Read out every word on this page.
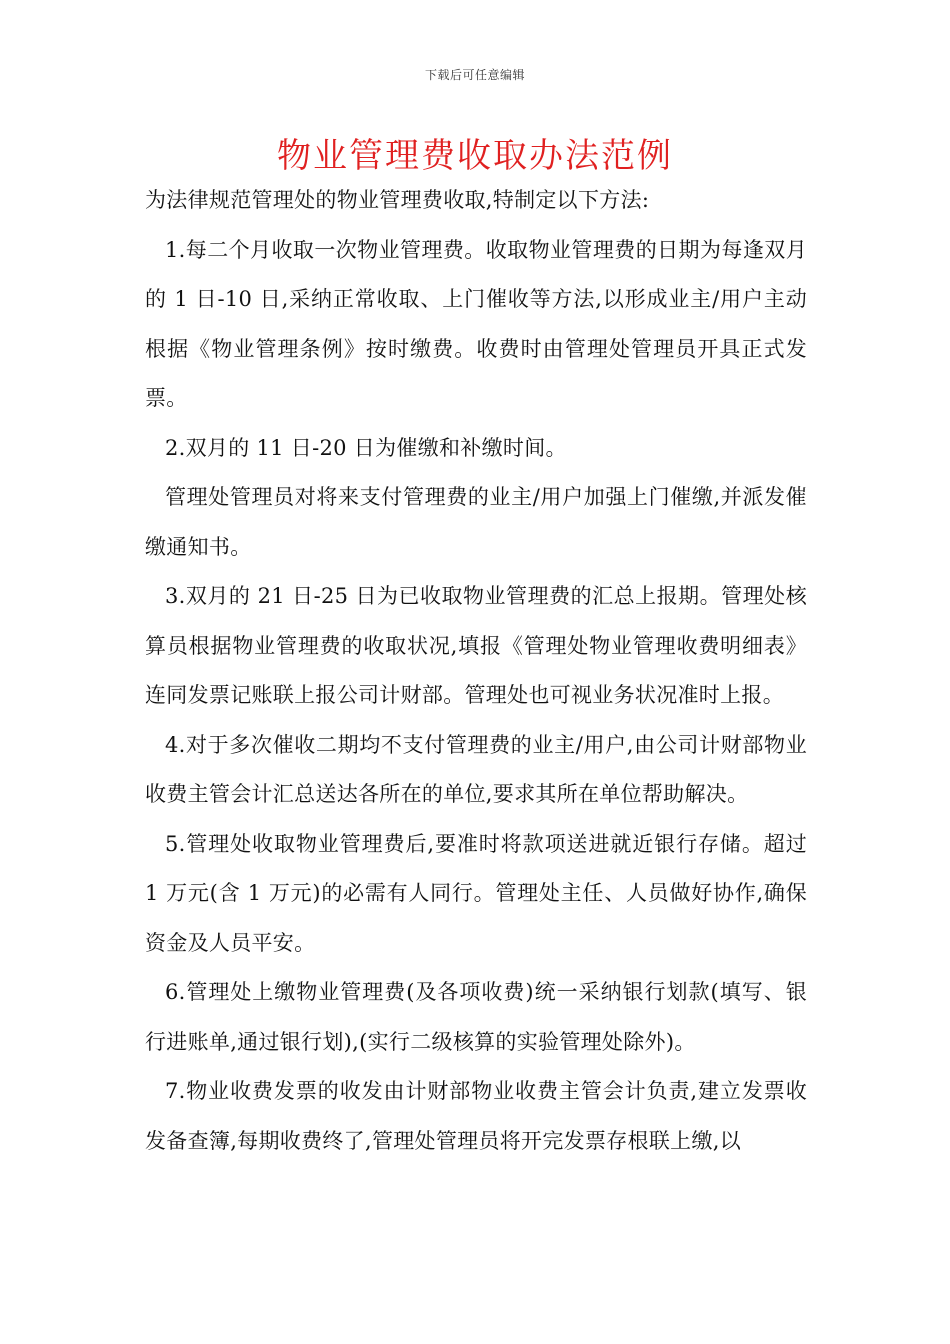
下载后可任意编辑
物业管理费收取办法范例

为法律规范管理处的物业管理费收取,特制定以下方法:

1.每二个月收取一次物业管理费。收取物业管理费的日期为每逢双月的 1 日-10 日,采纳正常收取、上门催收等方法,以形成业主/用户主动根据《物业管理条例》按时缴费。收费时由管理处管理员开具正式发票。

2.双月的 11 日-20 日为催缴和补缴时间。

管理处管理员对将来支付管理费的业主/用户加强上门催缴,并派发催缴通知书。

3.双月的 21 日-25 日为已收取物业管理费的汇总上报期。管理处核算员根据物业管理费的收取状况,填报《管理处物业管理收费明细表》连同发票记账联上报公司计财部。管理处也可视业务状况准时上报。

4.对于多次催收二期均不支付管理费的业主/用户,由公司计财部物业收费主管会计汇总送达各所在的单位,要求其所在单位帮助解决。

5.管理处收取物业管理费后,要准时将款项送进就近银行存储。超过 1 万元(含 1 万元)的必需有人同行。管理处主任、人员做好协作,确保资金及人员平安。

6.管理处上缴物业管理费(及各项收费)统一采纳银行划款(填写、银行进账单,通过银行划),(实行二级核算的实验管理处除外)。

7.物业收费发票的收发由计财部物业收费主管会计负责,建立发票收发备查簿,每期收费终了,管理处管理员将开完发票存根联上缴,以
